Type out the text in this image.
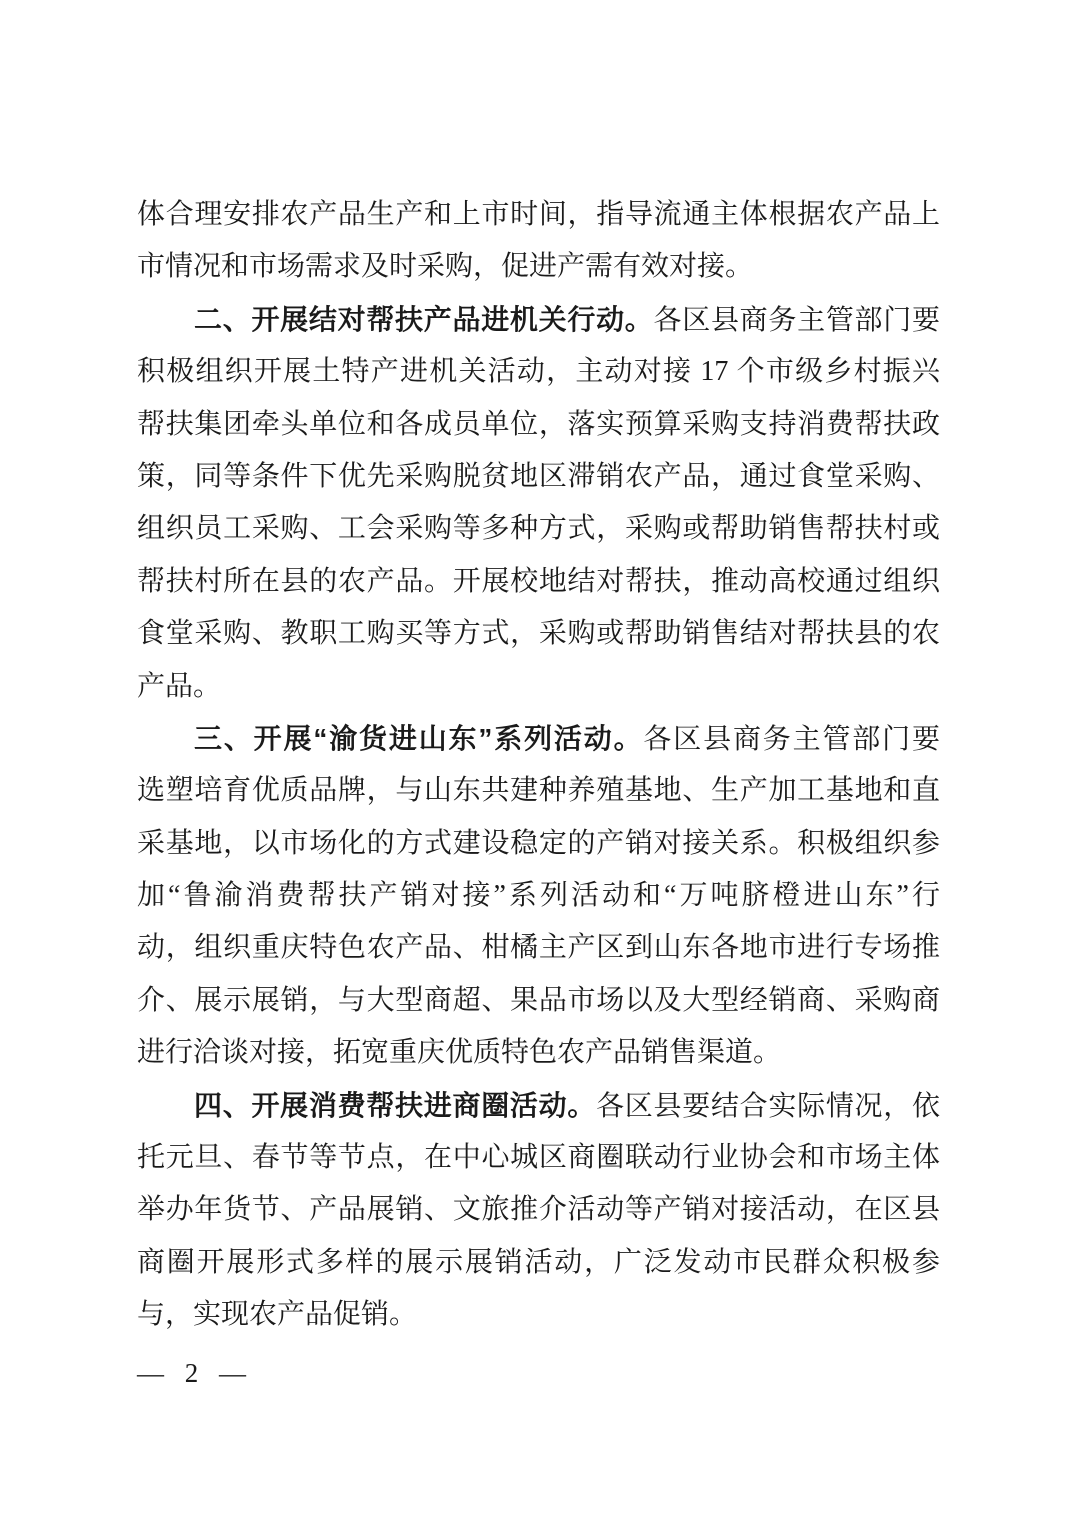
体合理安排农产品生产和上市时间，指导流通主体根据农产品上
市情况和市场需求及时采购，促进产需有效对接。
二、开展结对帮扶产品进机关行动。各区县商务主管部门要
积极组织开展土特产进机关活动，主动对接 17 个市级乡村振兴
帮扶集团牵头单位和各成员单位，落实预算采购支持消费帮扶政
策，同等条件下优先采购脱贫地区滞销农产品，通过食堂采购、
组织员工采购、工会采购等多种方式，采购或帮助销售帮扶村或
帮扶村所在县的农产品。开展校地结对帮扶，推动高校通过组织
食堂采购、教职工购买等方式，采购或帮助销售结对帮扶县的农
产品。
三、开展“渝货进山东”系列活动。各区县商务主管部门要
选塑培育优质品牌，与山东共建种养殖基地、生产加工基地和直
采基地，以市场化的方式建设稳定的产销对接关系。积极组织参
加“鲁渝消费帮扶产销对接”系列活动和“万吨脐橙进山东”行
动，组织重庆特色农产品、柑橘主产区到山东各地市进行专场推
介、展示展销，与大型商超、果品市场以及大型经销商、采购商
进行洽谈对接，拓宽重庆优质特色农产品销售渠道。
四、开展消费帮扶进商圈活动。各区县要结合实际情况，依
托元旦、春节等节点，在中心城区商圈联动行业协会和市场主体
举办年货节、产品展销、文旅推介活动等产销对接活动，在区县
商圈开展形式多样的展示展销活动，广泛发动市民群众积极参
与，实现农产品促销。
— 2 —
